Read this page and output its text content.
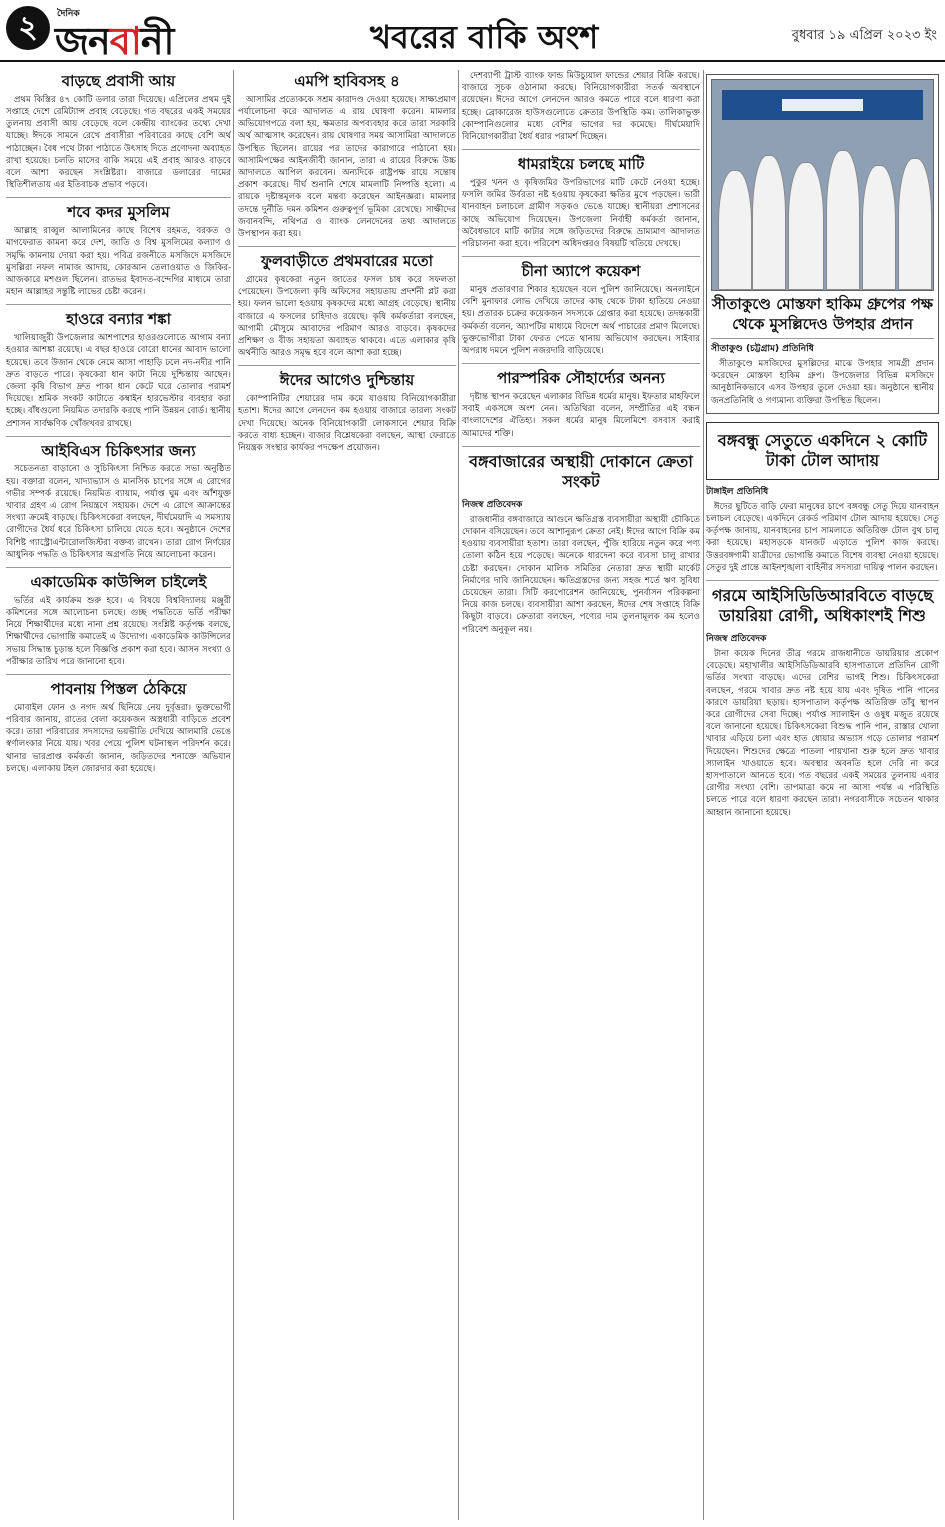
২	দৈনিক
জনবানী	খবরের বাকি অংশ	বুধবার ১৯ এপ্রিল ২০২৩ ইং
বাড়ছে প্রবাসী আয়

প্রথম কিস্তির ৪৭ কোটি ডলার তারা দিয়েছে। এপ্রিলের প্রথম দুই সপ্তাহে দেশে রেমিট্যান্স প্রবাহ বেড়েছে। গত বছরের একই সময়ের তুলনায় প্রবাসী আয় বেড়েছে বলে কেন্দ্রীয় ব্যাংকের তথ্যে দেখা যাচ্ছে। ঈদকে সামনে রেখে প্রবাসীরা পরিবারের কাছে বেশি অর্থ পাঠাচ্ছেন। বৈধ পথে টাকা পাঠাতে উৎসাহ দিতে প্রণোদনা অব্যাহত রাখা হয়েছে। চলতি মাসের বাকি সময়ে এই প্রবাহ আরও বাড়বে বলে আশা করছেন সংশ্লিষ্টরা। বাজারে ডলারের দামের স্থিতিশীলতায় এর ইতিবাচক প্রভাব পড়বে।

শবে কদর মুসলিম

আল্লাহ রাব্বুল আলামিনের কাছে বিশেষ রহমত, বরকত ও মাগফেরাত কামনা করে দেশ, জাতি ও বিশ্ব মুসলিমের কল্যাণ ও সমৃদ্ধি কামনায় দোয়া করা হয়। পবিত্র রজনীতে মসজিদে মসজিদে মুসল্লিরা নফল নামাজ আদায়, কোরআন তেলাওয়াত ও জিকির-আজকারে মশগুল ছিলেন। রাতভর ইবাদত-বন্দেগির মাধ্যমে তারা মহান আল্লাহর সন্তুষ্টি লাভের চেষ্টা করেন।

হাওরে বন্যার শঙ্কা

খালিয়াজুরী উপজেলার আশপাশের হাওরগুলোতে আগাম বন্যা হওয়ার আশঙ্কা রয়েছে। এ বছর হাওরে বোরো ধানের আবাদ ভালো হয়েছে। তবে উজান থেকে নেমে আসা পাহাড়ি ঢলে নদ-নদীর পানি দ্রুত বাড়তে পারে। কৃষকেরা ধান কাটা নিয়ে দুশ্চিন্তায় আছেন। জেলা কৃষি বিভাগ দ্রুত পাকা ধান কেটে ঘরে তোলার পরামর্শ দিয়েছে। শ্রমিক সংকট কাটাতে কম্বাইন হারভেস্টার ব্যবহার করা হচ্ছে। বাঁধগুলো নিয়মিত তদারকি করছে পানি উন্নয়ন বোর্ড। স্থানীয় প্রশাসন সার্বক্ষণিক খোঁজখবর রাখছে।

আইবিএস চিকিৎসার জন্য

সচেতনতা বাড়ানো ও সুচিকিৎসা নিশ্চিত করতে সভা অনুষ্ঠিত হয়। বক্তারা বলেন, খাদ্যাভ্যাস ও মানসিক চাপের সঙ্গে এ রোগের গভীর সম্পর্ক রয়েছে। নিয়মিত ব্যায়াম, পর্যাপ্ত ঘুম এবং আঁশযুক্ত খাবার গ্রহণ এ রোগ নিয়ন্ত্রণে সহায়ক। দেশে এ রোগে আক্রান্তের সংখ্যা ক্রমেই বাড়ছে। চিকিৎসকেরা বলছেন, দীর্ঘমেয়াদি এ সমস্যায় রোগীদের ধৈর্য ধরে চিকিৎসা চালিয়ে যেতে হবে। অনুষ্ঠানে দেশের বিশিষ্ট গ্যাস্ট্রোএন্টারোলজিস্টরা বক্তব্য রাখেন। তারা রোগ নির্ণয়ের আধুনিক পদ্ধতি ও চিকিৎসার অগ্রগতি নিয়ে আলোচনা করেন।

একাডেমিক কাউন্সিল চাইলেই

ভর্তির এই কার্যক্রম শুরু হবে। এ বিষয়ে বিশ্ববিদ্যালয় মঞ্জুরী কমিশনের সঙ্গে আলোচনা চলছে। গুচ্ছ পদ্ধতিতে ভর্তি পরীক্ষা নিয়ে শিক্ষার্থীদের মধ্যে নানা প্রশ্ন রয়েছে। সংশ্লিষ্ট কর্তৃপক্ষ বলছে, শিক্ষার্থীদের ভোগান্তি কমাতেই এ উদ্যোগ। একাডেমিক কাউন্সিলের সভায় সিদ্ধান্ত চূড়ান্ত হলে বিজ্ঞপ্তি প্রকাশ করা হবে। আসন সংখ্যা ও পরীক্ষার তারিখ পরে জানানো হবে।

পাবনায় পিস্তল ঠেকিয়ে

মোবাইল ফোন ও নগদ অর্থ ছিনিয়ে নেয় দুর্বৃত্তরা। ভুক্তভোগী পরিবার জানায়, রাতের বেলা কয়েকজন অস্ত্রধারী বাড়িতে প্রবেশ করে। তারা পরিবারের সদস্যদের ভয়ভীতি দেখিয়ে আলমারি ভেঙে স্বর্ণালংকার নিয়ে যায়। খবর পেয়ে পুলিশ ঘটনাস্থল পরিদর্শন করে। থানার ভারপ্রাপ্ত কর্মকর্তা জানান, জড়িতদের শনাক্তে অভিযান চলছে। এলাকায় টহল জোরদার করা হয়েছে।

এমপি হাবিবসহ ৪

আসামির প্রত্যেককে সশ্রম কারাদণ্ড দেওয়া হয়েছে। সাক্ষ্যপ্রমাণ পর্যালোচনা করে আদালত এ রায় ঘোষণা করেন। মামলার অভিযোগপত্রে বলা হয়, ক্ষমতার অপব্যবহার করে তারা সরকারি অর্থ আত্মসাৎ করেছেন। রায় ঘোষণার সময় আসামিরা আদালতে উপস্থিত ছিলেন। রায়ের পর তাদের কারাগারে পাঠানো হয়। আসামিপক্ষের আইনজীবী জানান, তারা এ রায়ের বিরুদ্ধে উচ্চ আদালতে আপিল করবেন। অন্যদিকে রাষ্ট্রপক্ষ রায়ে সন্তোষ প্রকাশ করেছে। দীর্ঘ শুনানি শেষে মামলাটি নিষ্পত্তি হলো। এ রায়কে দৃষ্টান্তমূলক বলে মন্তব্য করেছেন আইনজ্ঞরা। মামলার তদন্তে দুর্নীতি দমন কমিশন গুরুত্বপূর্ণ ভূমিকা রেখেছে। সাক্ষীদের জবানবন্দি, নথিপত্র ও ব্যাংক লেনদেনের তথ্য আদালতে উপস্থাপন করা হয়।

ফুলবাড়ীতে প্রথমবারের মতো

গ্রামের কৃষকেরা নতুন জাতের ফসল চাষ করে সফলতা পেয়েছেন। উপজেলা কৃষি অফিসের সহায়তায় প্রদর্শনী প্লট করা হয়। ফলন ভালো হওয়ায় কৃষকদের মধ্যে আগ্রহ বেড়েছে। স্থানীয় বাজারে এ ফসলের চাহিদাও রয়েছে। কৃষি কর্মকর্তারা বলছেন, আগামী মৌসুমে আবাদের পরিমাণ আরও বাড়বে। কৃষকদের প্রশিক্ষণ ও বীজ সহায়তা অব্যাহত থাকবে। এতে এলাকার কৃষি অর্থনীতি আরও সমৃদ্ধ হবে বলে আশা করা হচ্ছে।

ঈদের আগেও দুশ্চিন্তায়

কোম্পানিটির শেয়ারের দাম কমে যাওয়ায় বিনিয়োগকারীরা হতাশ। ঈদের আগে লেনদেন কম হওয়ায় বাজারে তারল্য সংকট দেখা দিয়েছে। অনেক বিনিয়োগকারী লোকসানে শেয়ার বিক্রি করতে বাধ্য হচ্ছেন। বাজার বিশ্লেষকেরা বলছেন, আস্থা ফেরাতে নিয়ন্ত্রক সংস্থার কার্যকর পদক্ষেপ প্রয়োজন।

দেশব্যাপী ট্রাস্ট ব্যাংক ফান্ড মিউচ্যুয়াল ফান্ডের শেয়ার বিক্রি করছে। বাজারে সূচক ওঠানামা করছে। বিনিয়োগকারীরা সতর্ক অবস্থানে রয়েছেন। ঈদের আগে লেনদেন আরও কমতে পারে বলে ধারণা করা হচ্ছে। ব্রোকারেজ হাউসগুলোতে ক্রেতার উপস্থিতি কম। তালিকাভুক্ত কোম্পানিগুলোর মধ্যে বেশির ভাগের দর কমেছে। দীর্ঘমেয়াদি বিনিয়োগকারীরা ধৈর্য ধরার পরামর্শ দিচ্ছেন।

ধামরাইয়ে চলছে মাটি

পুকুর খনন ও কৃষিজমির উপরিভাগের মাটি কেটে নেওয়া হচ্ছে। ফসলি জমির উর্বরতা নষ্ট হওয়ায় কৃষকেরা ক্ষতির মুখে পড়ছেন। ভারী যানবাহন চলাচলে গ্রামীণ সড়কও ভেঙে যাচ্ছে। স্থানীয়রা প্রশাসনের কাছে অভিযোগ দিয়েছেন। উপজেলা নির্বাহী কর্মকর্তা জানান, অবৈধভাবে মাটি কাটার সঙ্গে জড়িতদের বিরুদ্ধে ভ্রাম্যমাণ আদালত পরিচালনা করা হবে। পরিবেশ অধিদপ্তরও বিষয়টি খতিয়ে দেখছে।

চীনা অ্যাপে কয়েকশ

মানুষ প্রতারণার শিকার হয়েছেন বলে পুলিশ জানিয়েছে। অনলাইনে বেশি মুনাফার লোভ দেখিয়ে তাদের কাছ থেকে টাকা হাতিয়ে নেওয়া হয়। প্রতারক চক্রের কয়েকজন সদস্যকে গ্রেপ্তার করা হয়েছে। তদন্তকারী কর্মকর্তা বলেন, অ্যাপটির মাধ্যমে বিদেশে অর্থ পাচারের প্রমাণ মিলেছে। ভুক্তভোগীরা টাকা ফেরত পেতে থানায় অভিযোগ করছেন। সাইবার অপরাধ দমনে পুলিশ নজরদারি বাড়িয়েছে।

পারস্পরিক সৌহার্দ্যের অনন্য

দৃষ্টান্ত স্থাপন করেছেন এলাকার বিভিন্ন ধর্মের মানুষ। ইফতার মাহফিলে সবাই একসঙ্গে অংশ নেন। অতিথিরা বলেন, সম্প্রীতির এই বন্ধন বাংলাদেশের ঐতিহ্য। সকল ধর্মের মানুষ মিলেমিশে বসবাস করাই আমাদের শক্তি।

বঙ্গবাজারের অস্থায়ী দোকানে ক্রেতা সংকট
নিজস্ব প্রতিবেদক

রাজধানীর বঙ্গবাজারে আগুনে ক্ষতিগ্রস্ত ব্যবসায়ীরা অস্থায়ী চৌকিতে দোকান বসিয়েছেন। তবে আশানুরূপ ক্রেতা নেই। ঈদের আগে বিক্রি কম হওয়ায় ব্যবসায়ীরা হতাশ। তারা বলছেন, পুঁজি হারিয়ে নতুন করে পণ্য তোলা কঠিন হয়ে পড়েছে। অনেকে ধারদেনা করে ব্যবসা চালু রাখার চেষ্টা করছেন। দোকান মালিক সমিতির নেতারা দ্রুত স্থায়ী মার্কেট নির্মাণের দাবি জানিয়েছেন। ক্ষতিগ্রস্তদের জন্য সহজ শর্তে ঋণ সুবিধা চেয়েছেন তারা। সিটি করপোরেশন জানিয়েছে, পুনর্বাসন পরিকল্পনা নিয়ে কাজ চলছে। ব্যবসায়ীরা আশা করছেন, ঈদের শেষ সপ্তাহে বিক্রি কিছুটা বাড়বে। ক্রেতারা বলছেন, পণ্যের দাম তুলনামূলক কম হলেও পরিবেশ অনুকূল নয়।

সীতাকুণ্ডে মোস্তফা হাকিম গ্রুপের পক্ষ থেকে মুসল্লিদেও উপহার প্রদান
সীতাকুণ্ড (চট্টগ্রাম) প্রতিনিধি

সীতাকুণ্ডে মসজিদের মুসল্লিদের মাঝে উপহার সামগ্রী প্রদান করেছেন মোস্তফা হাকিম গ্রুপ। উপজেলার বিভিন্ন মসজিদে আনুষ্ঠানিকভাবে এসব উপহার তুলে দেওয়া হয়। অনুষ্ঠানে স্থানীয় জনপ্রতিনিধি ও গণ্যমান্য ব্যক্তিরা উপস্থিত ছিলেন।

বঙ্গবন্ধু সেতুতে একদিনে ২ কোটি টাকা টোল আদায়
টাঙ্গাইল প্রতিনিধি

ঈদের ছুটিতে বাড়ি ফেরা মানুষের চাপে বঙ্গবন্ধু সেতু দিয়ে যানবাহন চলাচল বেড়েছে। একদিনে রেকর্ড পরিমাণ টোল আদায় হয়েছে। সেতু কর্তৃপক্ষ জানায়, যানবাহনের চাপ সামলাতে অতিরিক্ত টোল বুথ চালু করা হয়েছে। মহাসড়কে যানজট এড়াতে পুলিশ কাজ করছে। উত্তরবঙ্গগামী যাত্রীদের ভোগান্তি কমাতে বিশেষ ব্যবস্থা নেওয়া হয়েছে। সেতুর দুই প্রান্তে আইনশৃঙ্খলা বাহিনীর সদস্যরা দায়িত্ব পালন করছেন।

গরমে আইসিডিডিআরবিতে বাড়ছে ডায়রিয়া রোগী, অধিকাংশই শিশু
নিজস্ব প্রতিবেদক

টানা কয়েক দিনের তীব্র গরমে রাজধানীতে ডায়রিয়ার প্রকোপ বেড়েছে। মহাখালীর আইসিডিডিআরবি হাসপাতালে প্রতিদিন রোগী ভর্তির সংখ্যা বাড়ছে। এদের বেশির ভাগই শিশু। চিকিৎসকেরা বলছেন, গরমে খাবার দ্রুত নষ্ট হয়ে যায় এবং দূষিত পানি পানের কারণে ডায়রিয়া ছড়ায়। হাসপাতাল কর্তৃপক্ষ অতিরিক্ত তাঁবু স্থাপন করে রোগীদের সেবা দিচ্ছে। পর্যাপ্ত স্যালাইন ও ওষুধ মজুত রয়েছে বলে জানানো হয়েছে। চিকিৎসকেরা বিশুদ্ধ পানি পান, রাস্তার খোলা খাবার এড়িয়ে চলা এবং হাত ধোয়ার অভ্যাস গড়ে তোলার পরামর্শ দিয়েছেন। শিশুদের ক্ষেত্রে পাতলা পায়খানা শুরু হলে দ্রুত খাবার স্যালাইন খাওয়াতে হবে। অবস্থার অবনতি হলে দেরি না করে হাসপাতালে আনতে হবে। গত বছরের একই সময়ের তুলনায় এবার রোগীর সংখ্যা বেশি। তাপমাত্রা কমে না আসা পর্যন্ত এ পরিস্থিতি চলতে পারে বলে ধারণা করছেন তারা। নগরবাসীকে সচেতন থাকার আহ্বান জানানো হয়েছে।
